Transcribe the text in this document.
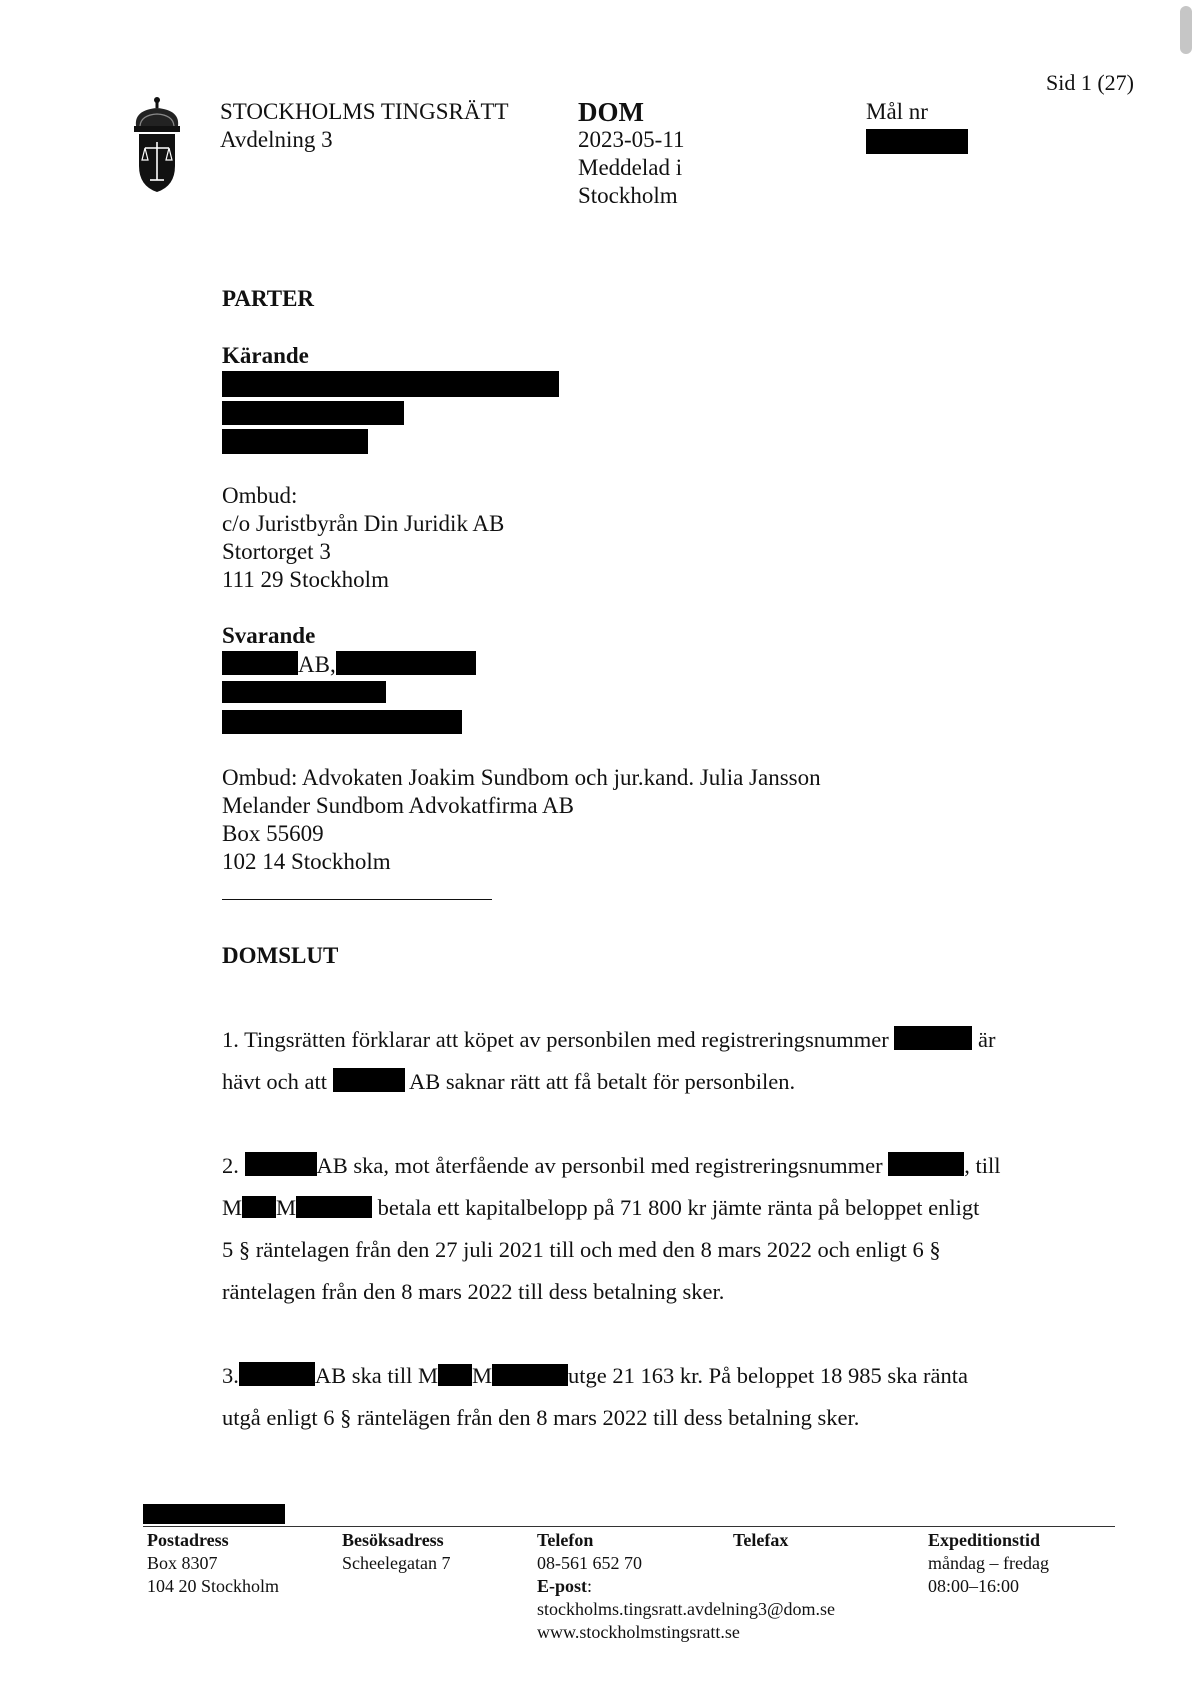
Sid 1 (27)
STOCKHOLMS TINGSRÄTT
Avdelning 3
DOM
2023-05-11
Meddelad i
Stockholm
Mål nr
PARTER
Kärande
Ombud:
c/o Juristbyrån Din Juridik AB
Stortorget 3
111 29 Stockholm
Svarande
AB,
Ombud: Advokaten Joakim Sundbom och jur.kand. Julia Jansson
Melander Sundbom Advokatfirma AB
Box 55609
102 14 Stockholm
DOMSLUT
1. Tingsrätten förklarar att köpet av personbilen med registreringsnummer	är
hävt och att	AB saknar rätt att få betalt för personbilen.
2.	AB ska, mot återfående av personbil med registreringsnummer	, till
M M	betala ett kapitalbelopp på 71 800 kr jämte ränta på beloppet enligt
5 § räntelagen från den 27 juli 2021 till och med den 8 mars 2022 och enligt 6 §
räntelagen från den 8 mars 2022 till dess betalning sker.
3.	AB ska till M M	utge 21 163 kr. På beloppet 18 985 ska ränta
utgå enligt 6 § räntelägen från den 8 mars 2022 till dess betalning sker.
Postadress
Box 8307
104 20 Stockholm
Besöksadress
Scheelegatan 7
Telefon
08-561 652 70
E-post:
stockholms.tingsratt.avdelning3@dom.se
www.stockholmstingsratt.se
Telefax	Expeditionstid
måndag – fredag
08:00–16:00
